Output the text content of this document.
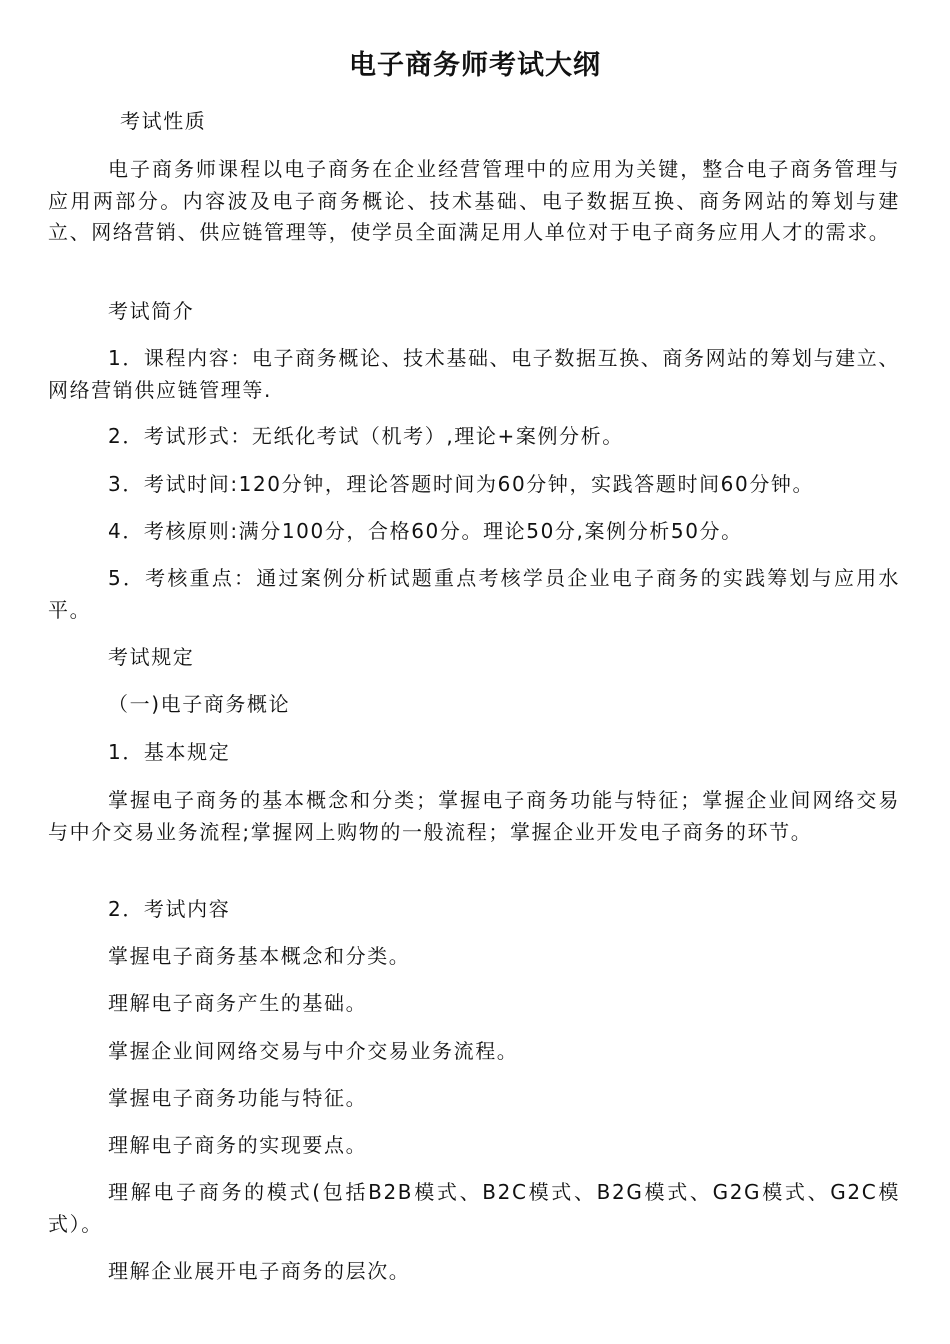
电子商务师考试大纲
考试性质

电子商务师课程以电子商务在企业经营管理中的应用为关键，整合电子商务管理与应用两部分。内容波及电子商务概论、技术基础、电子数据互换、商务网站的筹划与建立、网络营销、供应链管理等，使学员全面满足用人单位对于电子商务应用人才的需求。

考试简介

1．课程内容：电子商务概论、技术基础、电子数据互换、商务网站的筹划与建立、网络营销供应链管理等.

2．考试形式：无纸化考试（机考）,理论+案例分析。

3．考试时间:120分钟，理论答题时间为60分钟，实践答题时间60分钟。

4．考核原则:满分100分，合格60分。理论50分,案例分析50分。

5．考核重点：通过案例分析试题重点考核学员企业电子商务的实践筹划与应用水平。

考试规定
（一)电子商务概论
1．基本规定

掌握电子商务的基本概念和分类；掌握电子商务功能与特征；掌握企业间网络交易与中介交易业务流程;掌握网上购物的一般流程；掌握企业开发电子商务的环节。

2．考试内容

掌握电子商务基本概念和分类。

理解电子商务产生的基础。

掌握企业间网络交易与中介交易业务流程。

掌握电子商务功能与特征。

理解电子商务的实现要点。

理解电子商务的模式(包括B2B模式、B2C模式、B2G模式、G2G模式、G2C模式）。

理解企业展开电子商务的层次。
